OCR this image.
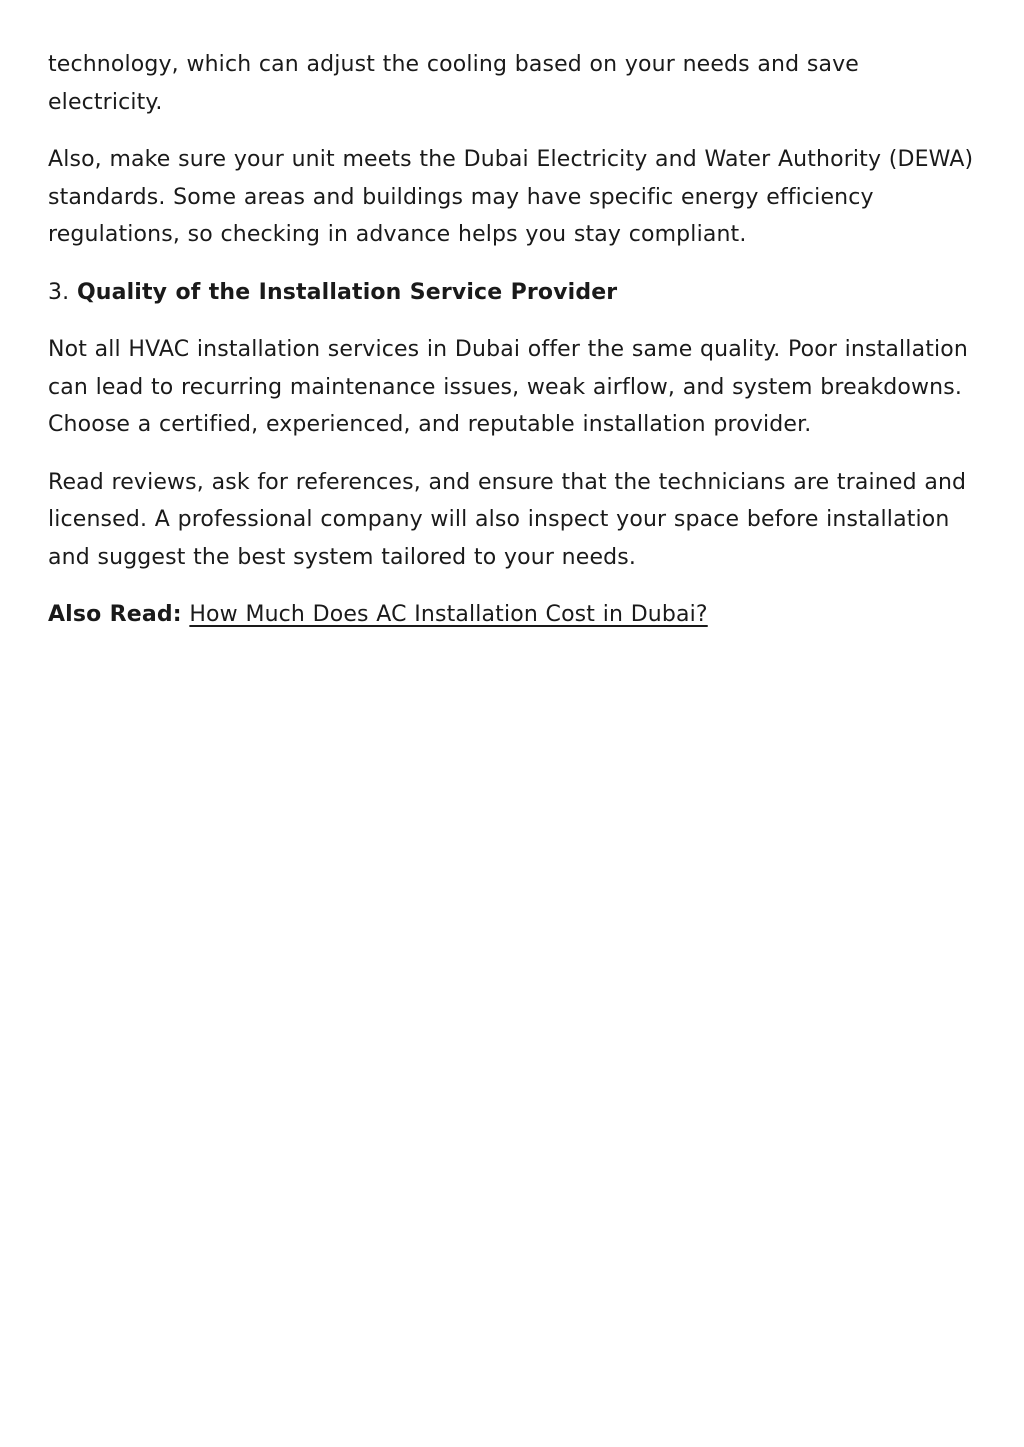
technology, which can adjust the cooling based on your needs and save electricity.

Also, make sure your unit meets the Dubai Electricity and Water Authority (DEWA) standards. Some areas and buildings may have specific energy efficiency regulations, so checking in advance helps you stay compliant.

3. Quality of the Installation Service Provider

Not all HVAC installation services in Dubai offer the same quality. Poor installation can lead to recurring maintenance issues, weak airflow, and system breakdowns. Choose a certified, experienced, and reputable installation provider.

Read reviews, ask for references, and ensure that the technicians are trained and licensed. A professional company will also inspect your space before installation and suggest the best system tailored to your needs.

Also Read: How Much Does AC Installation Cost in Dubai?
